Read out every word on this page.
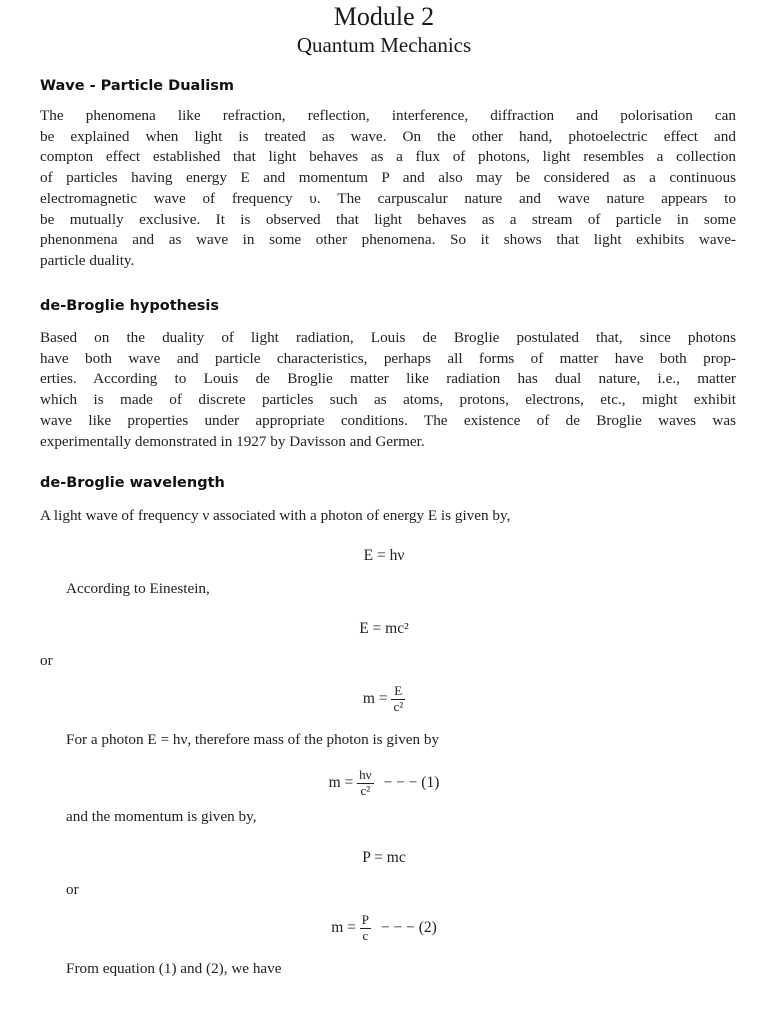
Module 2
Quantum Mechanics
Wave - Particle Dualism
The phenomena like refraction, reflection, interference, diffraction and polorisation can
be explained when light is treated as wave. On the other hand, photoelectric effect and
compton effect established that light behaves as a flux of photons, light resembles a collection
of particles having energy E and momentum P and also may be considered as a continuous
electromagnetic wave of frequency υ. The carpuscalur nature and wave nature appears to
be mutually exclusive. It is observed that light behaves as a stream of particle in some
phenonmena and as wave in some other phenomena. So it shows that light exhibits wave-
particle duality.
de-Broglie hypothesis
Based on the duality of light radiation, Louis de Broglie postulated that, since photons
have both wave and particle characteristics, perhaps all forms of matter have both prop-
erties. According to Louis de Broglie matter like radiation has dual nature, i.e., matter
which is made of discrete particles such as atoms, protons, electrons, etc., might exhibit
wave like properties under appropriate conditions. The existence of de Broglie waves was
experimentally demonstrated in 1927 by Davisson and Germer.
de-Broglie wavelength
A light wave of frequency ν associated with a photon of energy E is given by,
E = hν
According to Einestein,
E = mc²
or
$m = \frac{E}{\text{c²}}$
For a photon E = hν, therefore mass of the photon is given by
$m = \frac{h\nu}{\text{c²}}$ − − − (1)
and the momentum is given by,
P = mc
or
$m = \frac{P}{c}$ − − − (2)
From equation (1) and (2), we have
